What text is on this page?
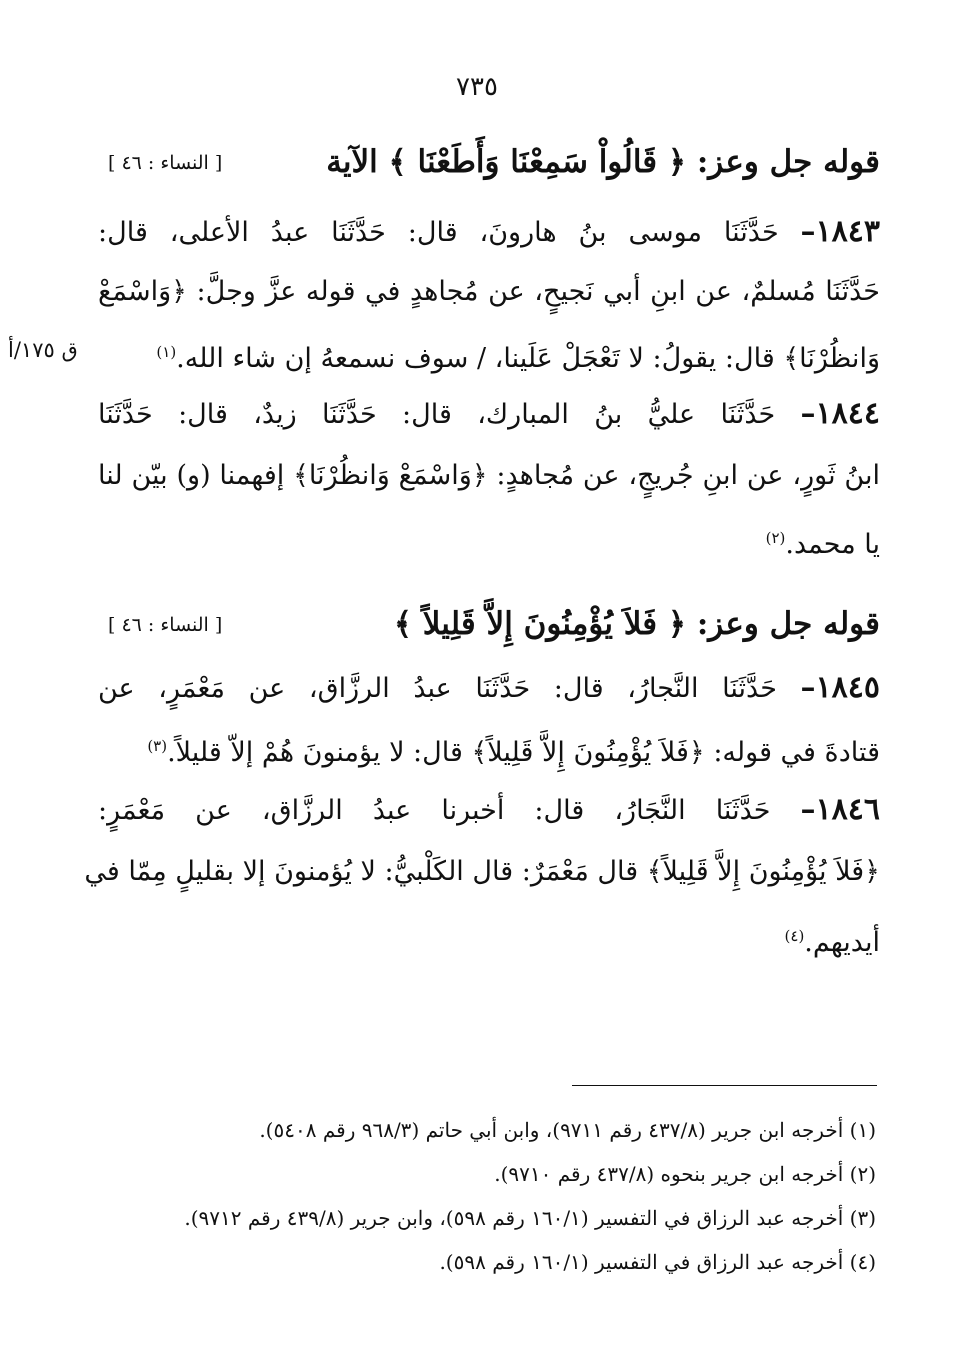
٧٣٥
قوله جل وعز: ﴿ قَالُواْ سَمِعْنَا وَأَطَعْنَا ﴾ الآية
[ النساء : ٤٦ ]
١٨٤٣– حَدَّثَنَا موسى بنُ هارونَ، قال: حَدَّثَنَا عبدُ الأعلى، قال:
حَدَّثَنَا مُسلمٌ، عن ابنِ أبي نَجيحٍ، عن مُجاهدٍ في قوله عزَّ وجلَّ: ﴿وَاسْمَعْ
وَانظُرْنَا﴾ قال: يقولُ: لا تَعْجَلْ عَلَينا، / سوف نسمعهُ إن شاء الله.$^{(١)}$
ق ١٧٥/أ
١٨٤٤– حَدَّثَنَا عليُّ بنُ المبارك، قال: حَدَّثَنَا زيدٌ، قال: حَدَّثَنَا
ابنُ ثَورٍ، عن ابنِ جُريجٍ، عن مُجاهدٍ: ﴿وَاسْمَعْ وَانظُرْنَا﴾ إفهمنا (و) بيّن لنا
يا محمد.$^{(٢)}$
قوله جل وعز: ﴿ فَلاَ يُؤْمِنُونَ إِلاَّ قَلِيلاً ﴾
[ النساء : ٤٦ ]
١٨٤٥– حَدَّثَنَا النَّجارُ، قال: حَدَّثَنَا عبدُ الرزَّاق، عن مَعْمَرٍ، عن
قتادةَ في قوله: ﴿فَلاَ يُؤْمِنُونَ إِلاَّ قَلِيلاً﴾ قال: لا يؤمنونَ هُمْ إلاّ قليلاً.$^{(٣)}$
١٨٤٦– حَدَّثَنَا النَّجَارُ، قال: أخبرنا عبدُ الرزَّاق، عن مَعْمَرٍ:
﴿فَلاَ يُؤْمِنُونَ إِلاَّ قَلِيلاً﴾ قال مَعْمَرٌ: قال الكَلْبيُّ: لا يُؤمنونَ إلا بقليلٍ مِمّا في
أيديهم.$^{(٤)}$
(١) أخرجه ابن جرير (٤٣٧/٨ رقم ٩٧١١)، وابن أبي حاتم (٩٦٨/٣ رقم ٥٤٠٨).
(٢) أخرجه ابن جرير بنحوه (٤٣٧/٨ رقم ٩٧١٠).
(٣) أخرجه عبد الرزاق في التفسير (١٦٠/١ رقم ٥٩٨)، وابن جرير (٤٣٩/٨ رقم ٩٧١٢).
(٤) أخرجه عبد الرزاق في التفسير (١٦٠/١ رقم ٥٩٨).
